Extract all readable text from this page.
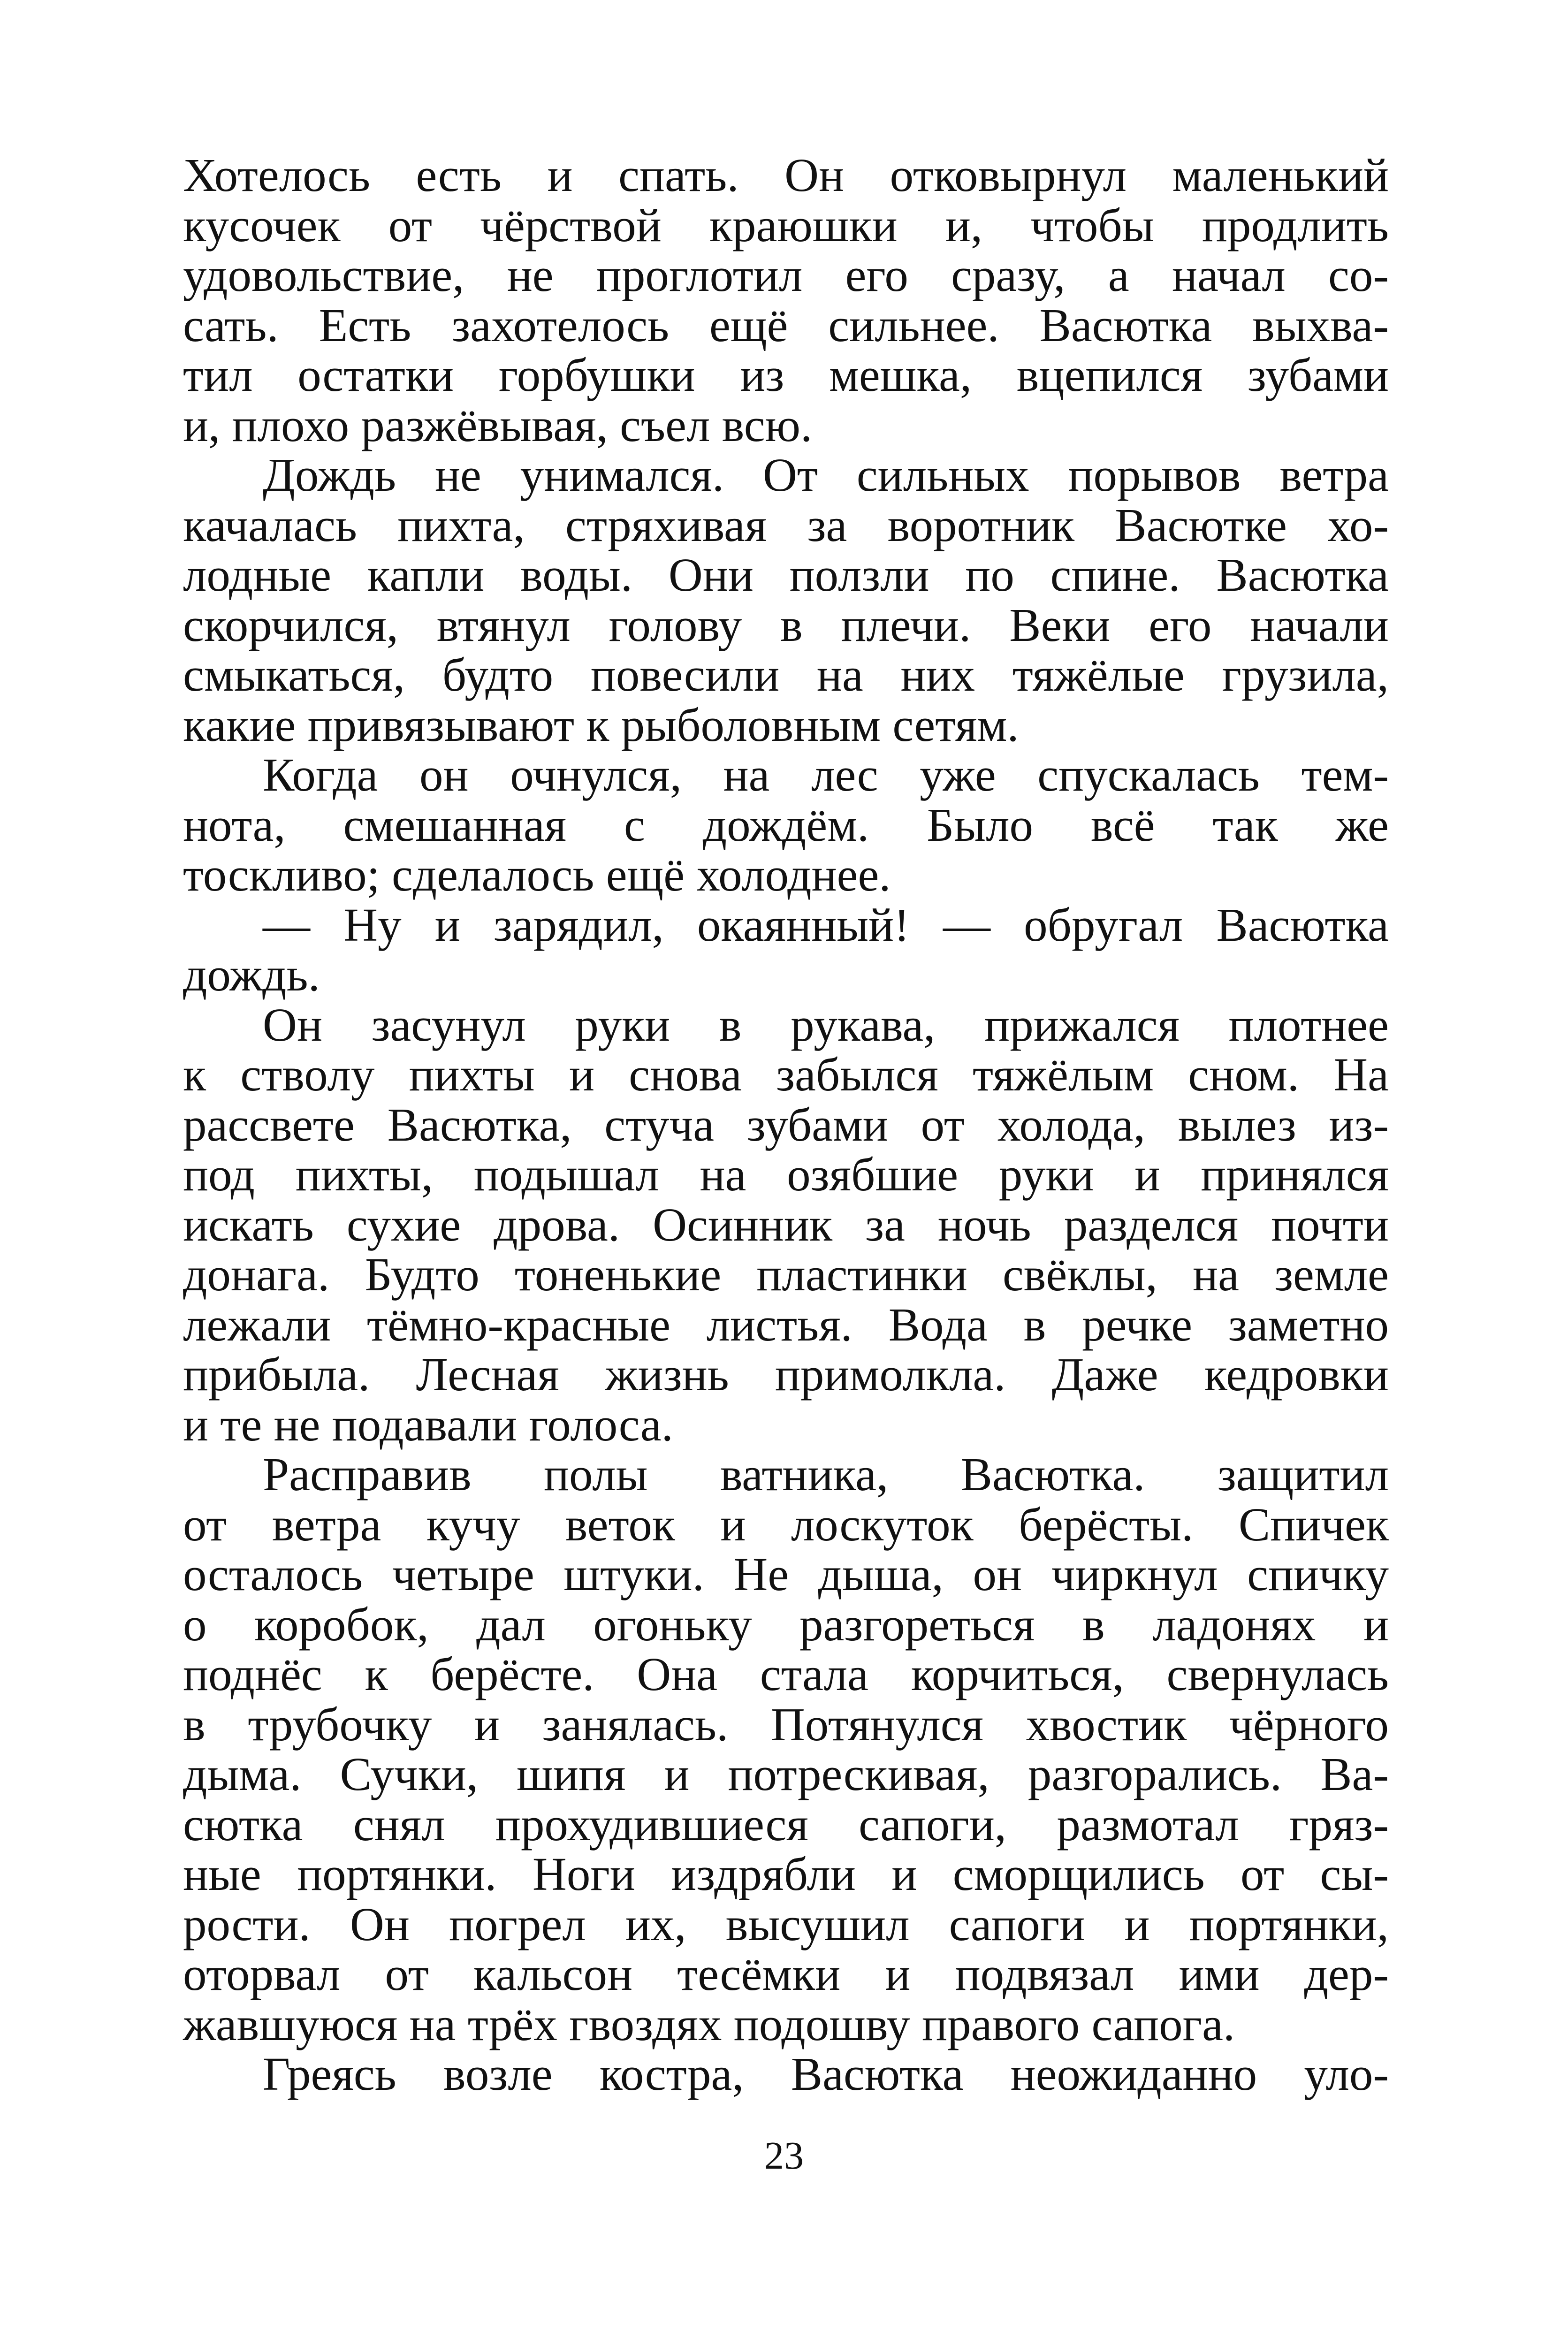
Хотелось есть и спать. Он отковырнул маленький
кусочек от чёрствой краюшки и, чтобы продлить
удовольствие, не проглотил его сразу, а начал со-
сать. Есть захотелось ещё сильнее. Васютка выхва-
тил остатки горбушки из мешка, вцепился зубами
и, плохо разжёвывая, съел всю.

Дождь не унимался. От сильных порывов ветра
качалась пихта, стряхивая за воротник Васютке хо-
лодные капли воды. Они ползли по спине. Васютка
скорчился, втянул голову в плечи. Веки его начали
смыкаться, будто повесили на них тяжёлые грузила,
какие привязывают к рыболовным сетям.

Когда он очнулся, на лес уже спускалась тем-
нота, смешанная с дождём. Было всё так же
тоскливо; сделалось ещё холоднее.

— Ну и зарядил, окаянный! — обругал Васютка
дождь.

Он засунул руки в рукава, прижался плотнее
к стволу пихты и снова забылся тяжёлым сном. На
рассвете Васютка, стуча зубами от холода, вылез из-
под пихты, подышал на озябшие руки и принялся
искать сухие дрова. Осинник за ночь разделся почти
донага. Будто тоненькие пластинки свёклы, на земле
лежали тёмно-красные листья. Вода в речке заметно
прибыла. Лесная жизнь примолкла. Даже кедровки
и те не подавали голоса.

Расправив полы ватника, Васютка. защитил
от ветра кучу веток и лоскуток берёсты. Спичек
осталось четыре штуки. Не дыша, он чиркнул спичку
о коробок, дал огоньку разгореться в ладонях и
поднёс к берёсте. Она стала корчиться, свернулась
в трубочку и занялась. Потянулся хвостик чёрного
дыма. Сучки, шипя и потрескивая, разгорались. Ва-
сютка снял прохудившиеся сапоги, размотал гряз-
ные портянки. Ноги издрябли и сморщились от сы-
рости. Он погрел их, высушил сапоги и портянки,
оторвал от кальсон тесёмки и подвязал ими дер-
жавшуюся на трёх гвоздях подошву правого сапога.

Греясь возле костра, Васютка неожиданно уло-

23
